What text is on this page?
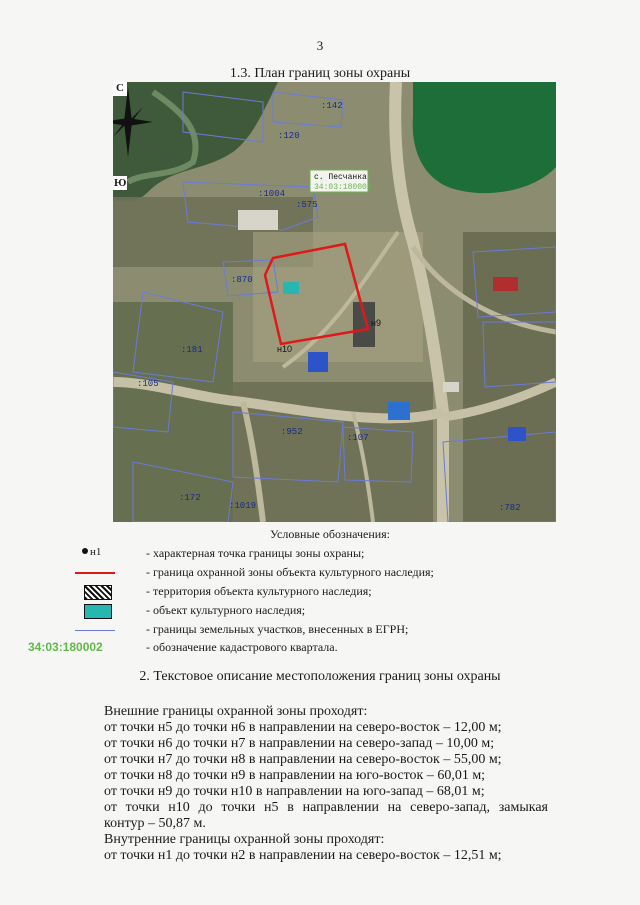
3
1.3. План границ зоны охраны
:142
:120
:1004
:575
:870
:181
:105
:952
:107
:172
:1019	:782
н9
н10
с. Песчанка
34:03:180002
С
Ю
Условные обозначения:
н1	- характерная точка границы зоны охраны;
- граница охранной зоны объекта культурного наследия;
- территория объекта культурного наследия;
- объект культурного наследия;
- границы земельных участков, внесенных в ЕГРН;
34:03:180002	- обозначение кадастрового квартала.
2. Текстовое описание местоположения границ зоны охраны
Внешние границы охранной зоны проходят:
от точки н5 до точки н6 в направлении на северо-восток – 12,00 м;
от точки н6 до точки н7 в направлении на северо-запад – 10,00 м;
от точки н7 до точки н8 в направлении на северо-восток – 55,00 м;
от точки н8 до точки н9 в направлении на юго-восток – 60,01 м;
от точки н9 до точки н10 в направлении на юго-запад – 68,01 м;
от точки н10 до точки н5 в направлении на северо-запад, замыкая
контур – 50,87 м.
Внутренние границы охранной зоны проходят:
от точки н1 до точки н2 в направлении на северо-восток – 12,51 м;
